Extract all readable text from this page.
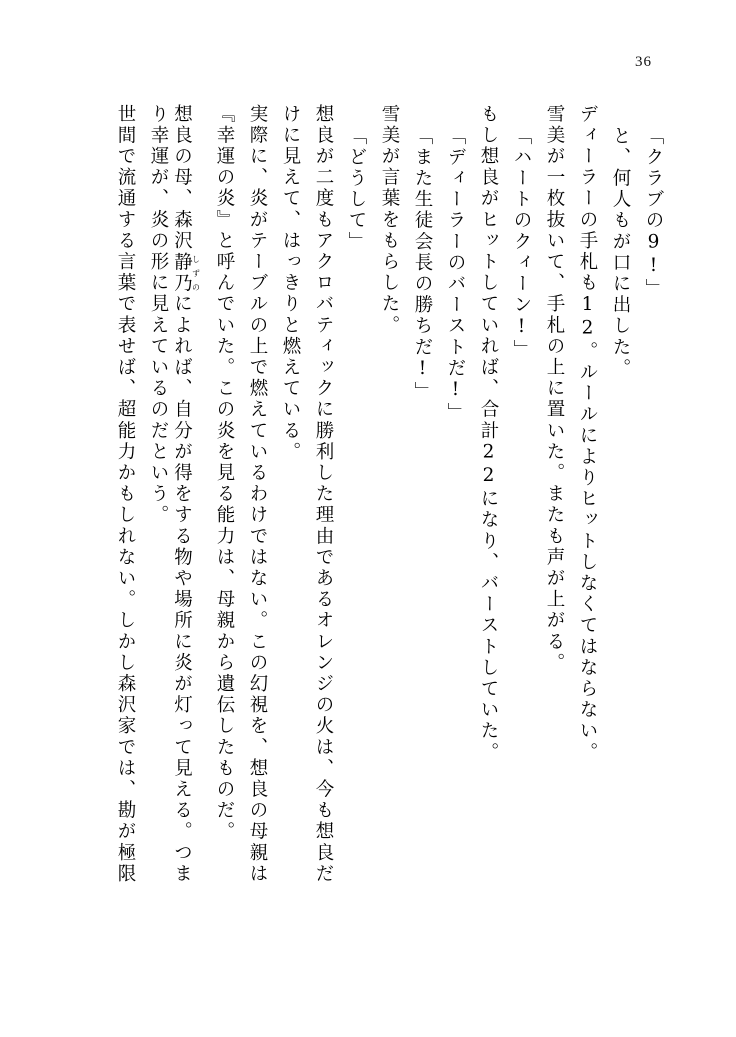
36
「クラブの9!」
と、何人もが口に出した。
ディーラーの手札も12。ルールによりヒットしなくてはならない。
雪美が一枚抜いて、手札の上に置いた。またも声が上がる。
「ハートのクィーン!」
もし想良がヒットしていれば、合計22になり、バーストしていた。
「ディーラーのバーストだ!」
「また生徒会長の勝ちだ!」
雪美が言葉をもらした。
「どうして」
想良が二度もアクロバティックに勝利した理由であるオレンジの火は、今も想良だ
けに見えて、はっきりと燃えている。
実際に、炎がテーブルの上で燃えているわけではない。この幻視を、想良の母親は
『幸運の炎』と呼んでいた。この炎を見る能力は、母親から遺伝したものだ。
想良の母、森沢静乃 しずのによれば、自分が得をする物や場所に炎が灯って見える。つま
り幸運が、炎の形に見えているのだという。
世間で流通する言葉で表せば、超能力かもしれない。しかし森沢家では、勘が極限
